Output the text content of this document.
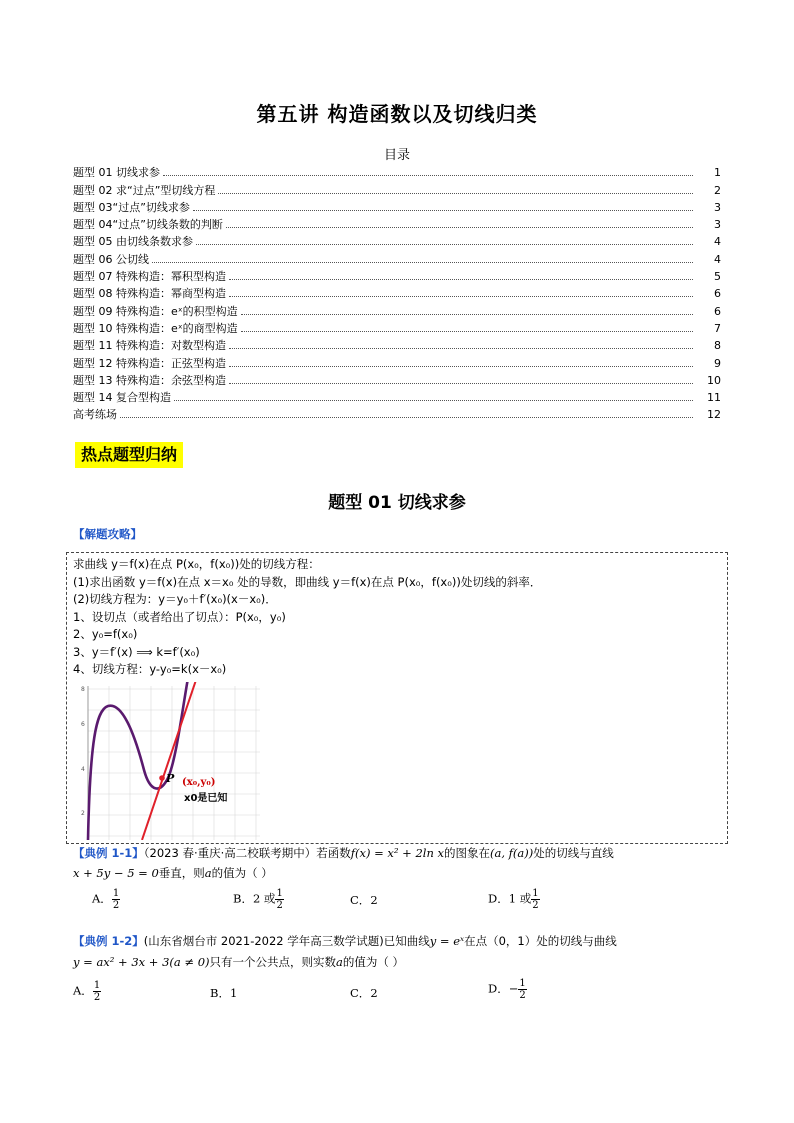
第五讲 构造函数以及切线归类
目录
题型 01 切线求参	1
题型 02 求“过点”型切线方程	2
题型 03“过点”切线求参	3
题型 04“过点”切线条数的判断	3
题型 05 由切线条数求参	4
题型 06 公切线	4
题型 07 特殊构造：幂积型构造	5
题型 08 特殊构造：幂商型构造	6
题型 09 特殊构造：eˣ的积型构造	6
题型 10 特殊构造：eˣ的商型构造	7
题型 11 特殊构造：对数型构造	8
题型 12 特殊构造：正弦型构造	9
题型 13 特殊构造：余弦型构造	10
题型 14 复合型构造	11
高考练场	12
热点题型归纳
题型 01 切线求参
【解题攻略】
求曲线 y＝f(x)在点 P(x₀，f(x₀))处的切线方程：
(1)求出函数 y＝f(x)在点 x＝x₀ 处的导数，即曲线 y＝f(x)在点 P(x₀，f(x₀))处切线的斜率．
(2)切线方程为：y＝y₀＋f′(x₀)(x－x₀)．
1、设切点（或者给出了切点）：P(x₀，y₀)
2、y₀=f(x₀)
3、y＝f′(x) ⟹ k=f′(x₀)
4、切线方程：y-y₀=k(x－x₀)
8
6
4
2
P (x₀,y₀)
x0是已知
【典例 1-1】（2023 春·重庆·高二校联考期中）若函数f(x) = x² + 2ln x的图象在(a, f(a))处的切线与直线
x + 5y − 5 = 0垂直，则a的值为（ ）
A． $\frac{1}{2}$	B．2 或 $\frac{1}{2}$	C．2	D．1 或 $\frac{1}{2}$
【典例 1-2】(山东省烟台市 2021-2022 学年高三数学试题)已知曲线y = eˣ在点（0，1）处的切线与曲线
y = ax² + 3x + 3(a ≠ 0)只有一个公共点，则实数a的值为（ ）
A． $\frac{1}{2}$	B．1	C．2	D．− $\frac{1}{2}$
